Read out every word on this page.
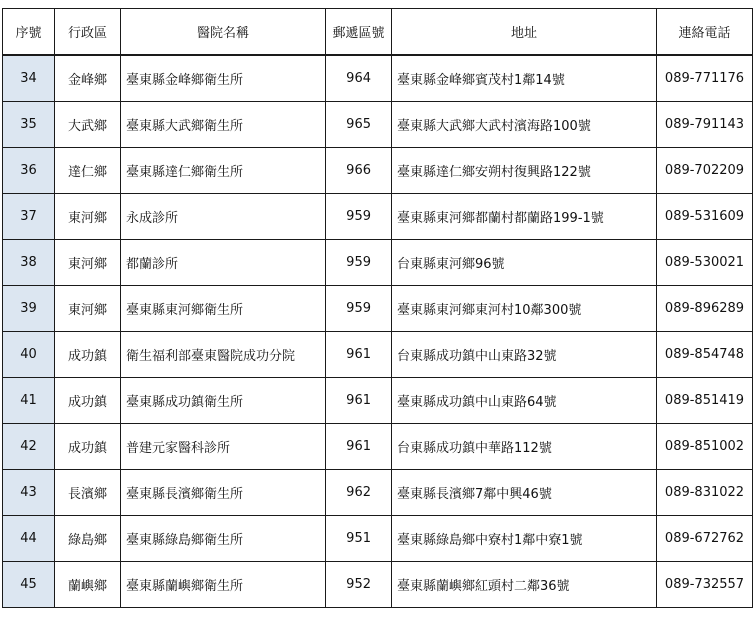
序號	行政區	醫院名稱	郵遞區號	地址	連絡電話
34	金峰鄉	臺東縣金峰鄉衛生所	964	臺東縣金峰鄉賓茂村1鄰14號	089-771176
35	大武鄉	臺東縣大武鄉衛生所	965	臺東縣大武鄉大武村濱海路100號	089-791143
36	達仁鄉	臺東縣達仁鄉衛生所	966	臺東縣達仁鄉安朔村復興路122號	089-702209
37	東河鄉	永成診所	959	臺東縣東河鄉都蘭村都蘭路199-1號	089-531609
38	東河鄉	都蘭診所	959	台東縣東河鄉96號	089-530021
39	東河鄉	臺東縣東河鄉衛生所	959	臺東縣東河鄉東河村10鄰300號	089-896289
40	成功鎮	衛生福利部臺東醫院成功分院	961	台東縣成功鎮中山東路32號	089-854748
41	成功鎮	臺東縣成功鎮衛生所	961	臺東縣成功鎮中山東路64號	089-851419
42	成功鎮	普建元家醫科診所	961	台東縣成功鎮中華路112號	089-851002
43	長濱鄉	臺東縣長濱鄉衛生所	962	臺東縣長濱鄉7鄰中興46號	089-831022
44	綠島鄉	臺東縣綠島鄉衛生所	951	臺東縣綠島鄉中寮村1鄰中寮1號	089-672762
45	蘭嶼鄉	臺東縣蘭嶼鄉衛生所	952	臺東縣蘭嶼鄉紅頭村二鄰36號	089-732557
